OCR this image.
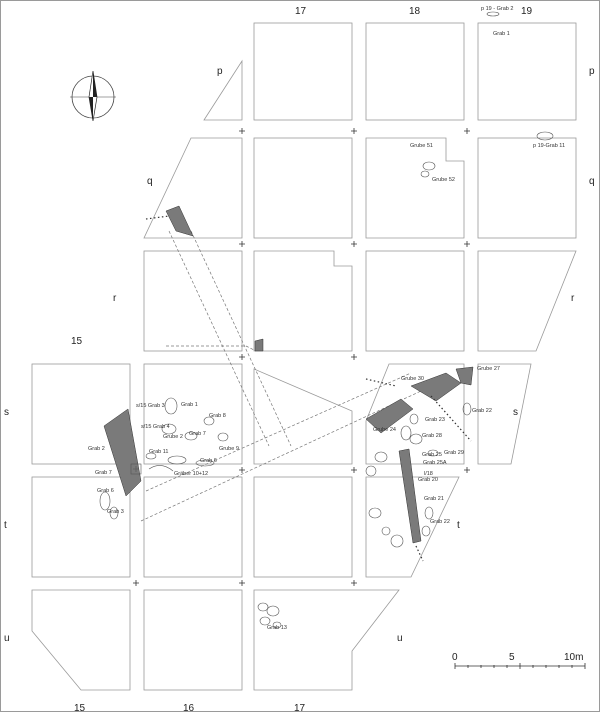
0	5	10m
17	18	19
15
15	16	17
p	p
q	q
r	r
s	s
t	t
u	u
p 19 - Grab 2
Grab 1
p 19-Grab 11
Grube 51
Grube 52
s/15 Grab 3
s/15 Grab 4
Grab 1
Grab 8
Grab 2
Grube 2 Grab 7
Grube 9
Grab 11
Grab 6
Gräber 10+12
Grab 7
Grab 6
Grab 3
Grube 30
Grube 27
Grab 22
Grab 23
Grube 24
Grab 28
Grab 25 Grab 29
Grab 25A
l/18
Grab 20
Grab 21
Grab 22
Grab 13
